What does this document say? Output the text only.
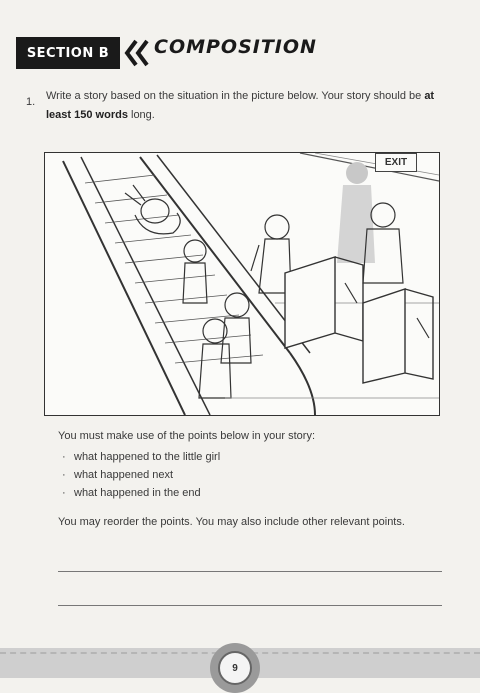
SECTION B	COMPOSITION
1. Write a story based on the situation in the picture below. Your story should be at least 150 words long.
EXIT
You must make use of the points below in your story:
· what happened to the little girl
· what happened next
· what happened in the end
You may reorder the points. You may also include other relevant points.
9
